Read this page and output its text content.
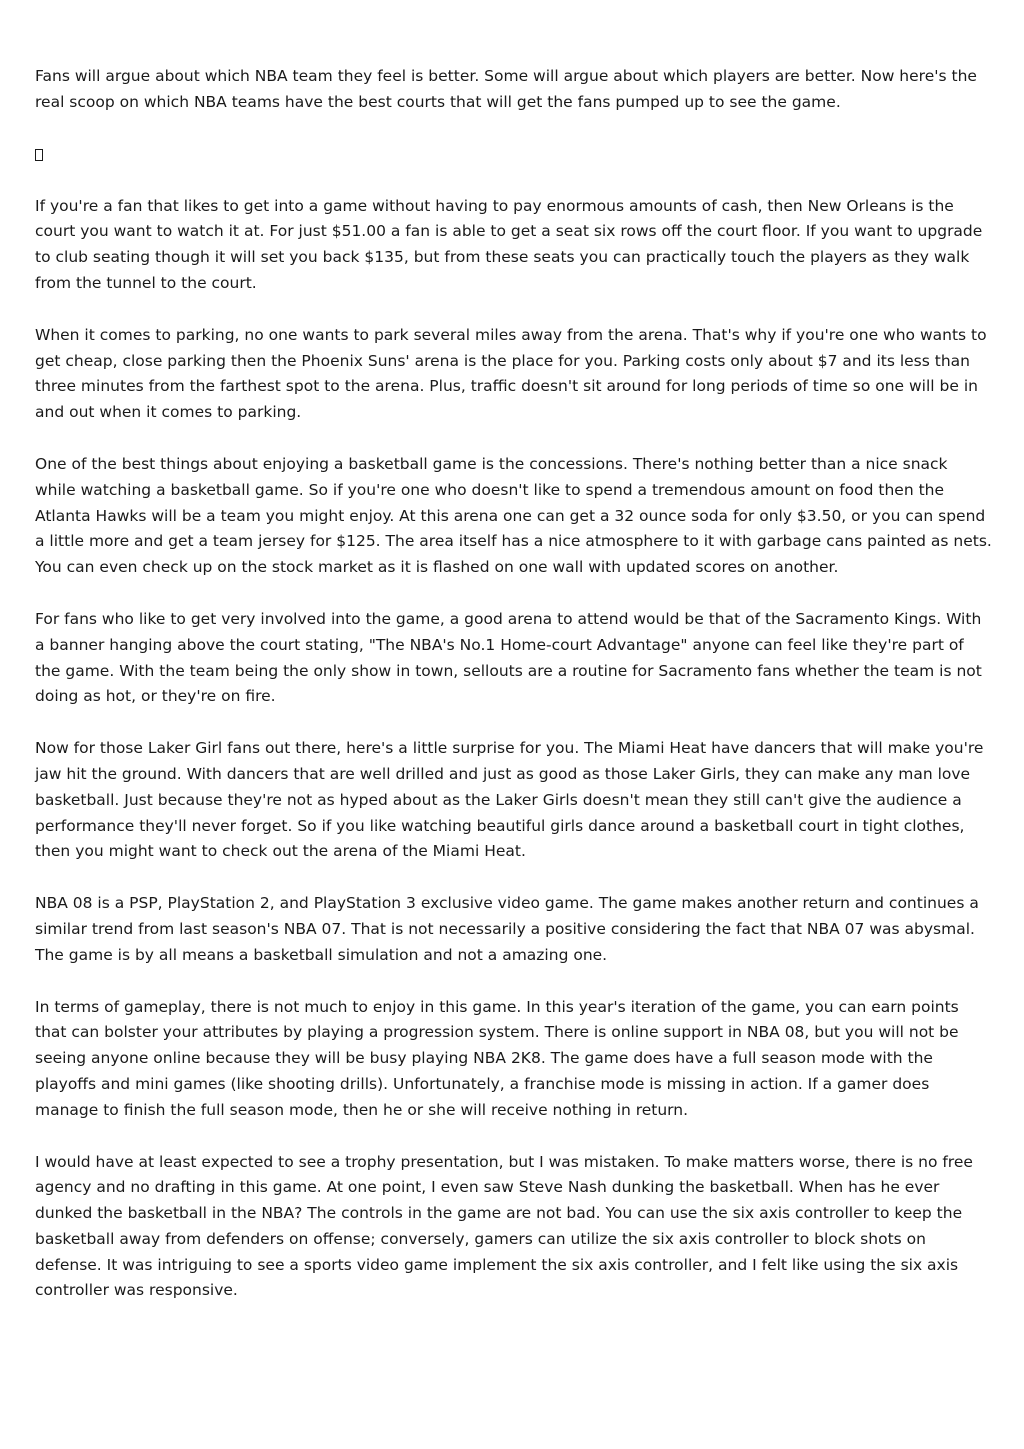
Fans will argue about which NBA team they feel is better. Some will argue about which players are better. Now here's the real scoop on which NBA teams have the best courts that will get the fans pumped up to see the game.

If you're a fan that likes to get into a game without having to pay enormous amounts of cash, then New Orleans is the court you want to watch it at. For just $51.00 a fan is able to get a seat six rows off the court floor. If you want to upgrade to club seating though it will set you back $135, but from these seats you can practically touch the players as they walk from the tunnel to the court.

When it comes to parking, no one wants to park several miles away from the arena. That's why if you're one who wants to get cheap, close parking then the Phoenix Suns' arena is the place for you. Parking costs only about $7 and its less than three minutes from the farthest spot to the arena. Plus, traffic doesn't sit around for long periods of time so one will be in and out when it comes to parking.

One of the best things about enjoying a basketball game is the concessions. There's nothing better than a nice snack while watching a basketball game. So if you're one who doesn't like to spend a tremendous amount on food then the Atlanta Hawks will be a team you might enjoy. At this arena one can get a 32 ounce soda for only $3.50, or you can spend a little more and get a team jersey for $125. The area itself has a nice atmosphere to it with garbage cans painted as nets. You can even check up on the stock market as it is flashed on one wall with updated scores on another.

For fans who like to get very involved into the game, a good arena to attend would be that of the Sacramento Kings. With a banner hanging above the court stating, "The NBA's No.1 Home-court Advantage" anyone can feel like they're part of the game. With the team being the only show in town, sellouts are a routine for Sacramento fans whether the team is not doing as hot, or they're on fire.

Now for those Laker Girl fans out there, here's a little surprise for you. The Miami Heat have dancers that will make you're jaw hit the ground. With dancers that are well drilled and just as good as those Laker Girls, they can make any man love basketball. Just because they're not as hyped about as the Laker Girls doesn't mean they still can't give the audience a performance they'll never forget. So if you like watching beautiful girls dance around a basketball court in tight clothes, then you might want to check out the arena of the Miami Heat.

NBA 08 is a PSP, PlayStation 2, and PlayStation 3 exclusive video game. The game makes another return and continues a similar trend from last season's NBA 07. That is not necessarily a positive considering the fact that NBA 07 was abysmal. The game is by all means a basketball simulation and not a amazing one.

In terms of gameplay, there is not much to enjoy in this game. In this year's iteration of the game, you can earn points that can bolster your attributes by playing a progression system. There is online support in NBA 08, but you will not be seeing anyone online because they will be busy playing NBA 2K8. The game does have a full season mode with the playoffs and mini games (like shooting drills). Unfortunately, a franchise mode is missing in action. If a gamer does manage to finish the full season mode, then he or she will receive nothing in return.

I would have at least expected to see a trophy presentation, but I was mistaken. To make matters worse, there is no free agency and no drafting in this game. At one point, I even saw Steve Nash dunking the basketball. When has he ever dunked the basketball in the NBA? The controls in the game are not bad. You can use the six axis controller to keep the basketball away from defenders on offense; conversely, gamers can utilize the six axis controller to block shots on defense. It was intriguing to see a sports video game implement the six axis controller, and I felt like using the six axis controller was responsive.
